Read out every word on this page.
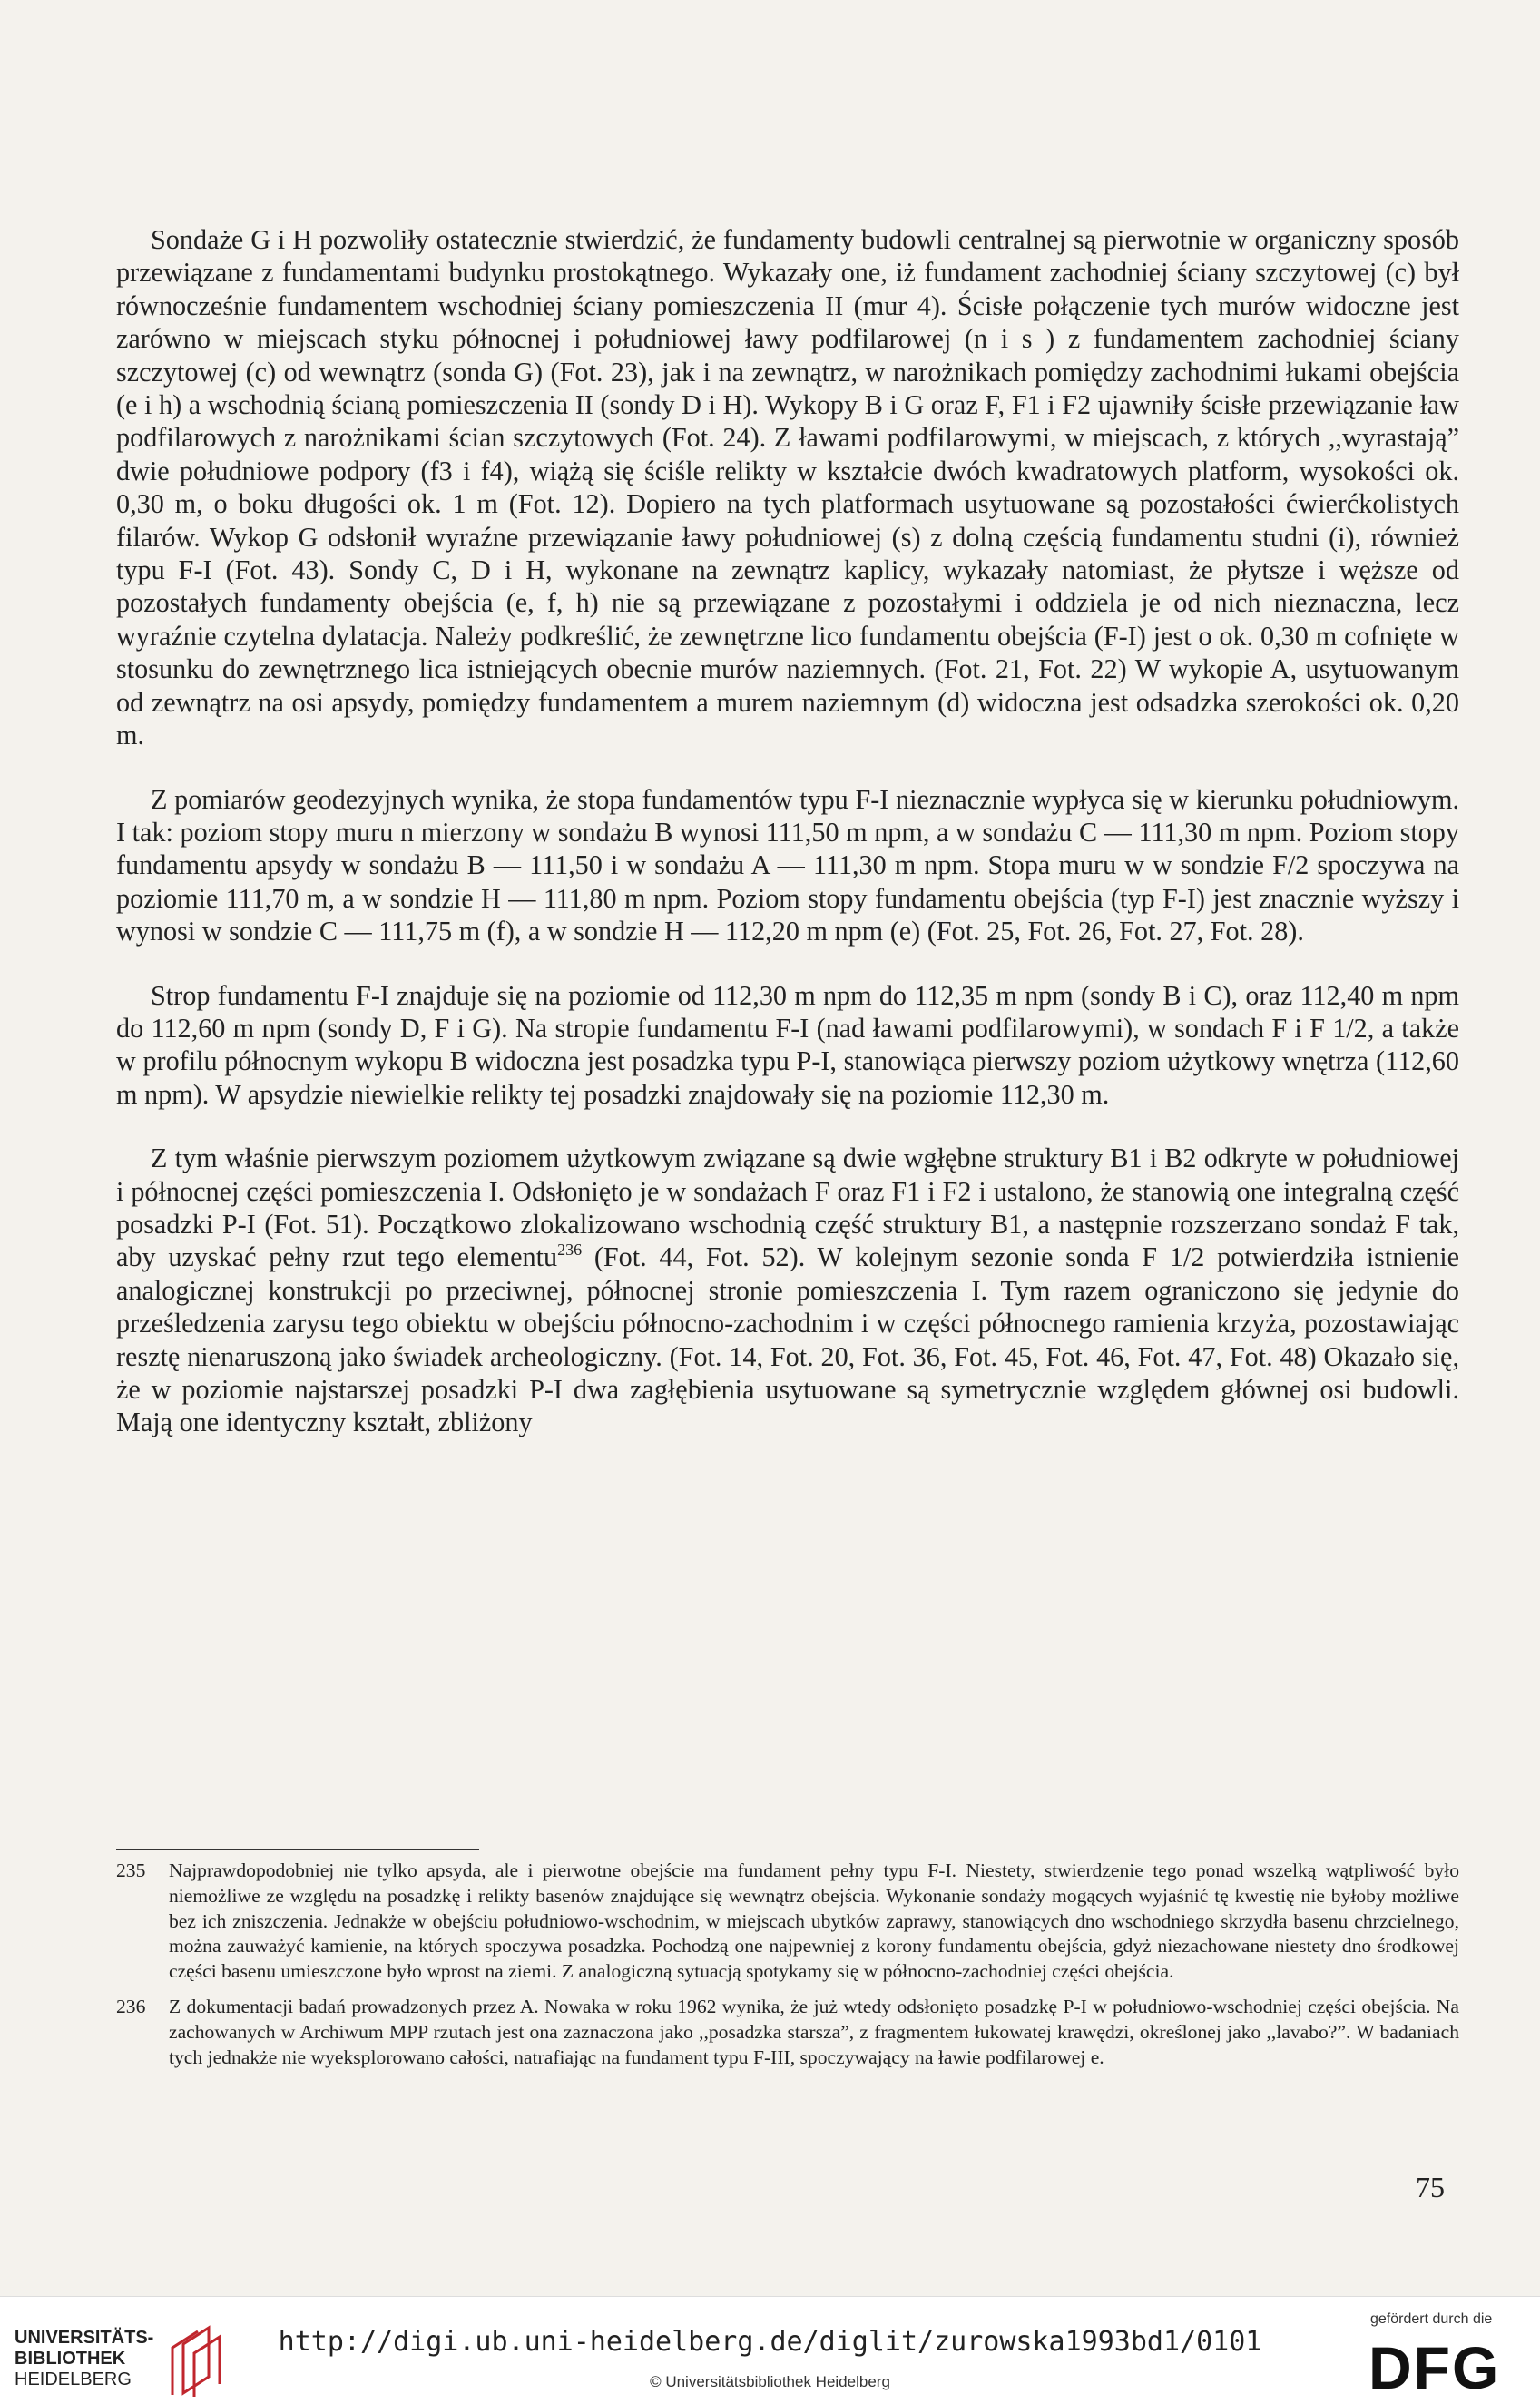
Sondaże G i H pozwoliły ostatecznie stwierdzić, że fundamenty budowli centralnej są pierwotnie w organiczny sposób przewiązane z fundamentami budynku prostokątnego. Wykazały one, iż fundament zachodniej ściany szczytowej (c) był równocześnie fundamentem wschodniej ściany pomieszczenia II (mur 4). Ścisłe połączenie tych murów widoczne jest zarówno w miejscach styku północnej i południowej ławy podfilarowej (n i s ) z fundamentem zachodniej ściany szczytowej (c) od wewnątrz (sonda G) (Fot. 23), jak i na zewnątrz, w narożnikach pomiędzy zachodnimi łukami obejścia (e i h) a wschodnią ścianą pomieszczenia II (sondy D i H). Wykopy B i G oraz F, F1 i F2 ujawniły ścisłe przewiązanie ław podfilarowych z narożnikami ścian szczytowych (Fot. 24). Z ławami podfilarowymi, w miejscach, z których ,,wyrastają” dwie południowe podpory (f3 i f4), wiążą się ściśle relikty w kształcie dwóch kwadratowych platform, wysokości ok. 0,30 m, o boku długości ok. 1 m (Fot. 12). Dopiero na tych platformach usytuowane są pozostałości ćwierćkolistych filarów. Wykop G odsłonił wyraźne przewiązanie ławy południowej (s) z dolną częścią fundamentu studni (i), również typu F-I (Fot. 43). Sondy C, D i H, wykonane na zewnątrz kaplicy, wykazały natomiast, że płytsze i węższe od pozostałych fundamenty obejścia (e, f, h) nie są przewiązane z pozostałymi i oddziela je od nich nieznaczna, lecz wyraźnie czytelna dylatacja. Należy podkreślić, że zewnętrzne lico fundamentu obejścia (F-I) jest o ok. 0,30 m cofnięte w stosunku do zewnętrznego lica istniejących obecnie murów naziemnych. (Fot. 21, Fot. 22) W wykopie A, usytuowanym od zewnątrz na osi apsydy, pomiędzy fundamentem a murem naziemnym (d) widoczna jest odsadzka szerokości ok. 0,20 m.

Z pomiarów geodezyjnych wynika, że stopa fundamentów typu F-I nieznacznie wypłyca się w kierunku południowym. I tak: poziom stopy muru n mierzony w sondażu B wynosi 111,50 m npm, a w sondażu C — 111,30 m npm. Poziom stopy fundamentu apsydy w sondażu B — 111,50 i w sondażu A — 111,30 m npm. Stopa muru w w sondzie F/2 spoczywa na poziomie 111,70 m, a w sondzie H — 111,80 m npm. Poziom stopy fundamentu obejścia (typ F-I) jest znacznie wyższy i wynosi w sondzie C — 111,75 m (f), a w sondzie H — 112,20 m npm (e) (Fot. 25, Fot. 26, Fot. 27, Fot. 28).

Strop fundamentu F-I znajduje się na poziomie od 112,30 m npm do 112,35 m npm (sondy B i C), oraz 112,40 m npm do 112,60 m npm (sondy D, F i G). Na stropie fundamentu F-I (nad ławami podfilarowymi), w sondach F i F 1/2, a także w profilu północnym wykopu B widoczna jest posadzka typu P-I, stanowiąca pierwszy poziom użytkowy wnętrza (112,60 m npm). W apsydzie niewielkie relikty tej posadzki znajdowały się na poziomie 112,30 m.

Z tym właśnie pierwszym poziomem użytkowym związane są dwie wgłębne struktury B1 i B2 odkryte w południowej i północnej części pomieszczenia I. Odsłonięto je w sondażach F oraz F1 i F2 i ustalono, że stanowią one integralną część posadzki P-I (Fot. 51). Początkowo zlokalizowano wschodnią część struktury B1, a następnie rozszerzano sondaż F tak, aby uzyskać pełny rzut tego elementu$^{236}$ (Fot. 44, Fot. 52). W kolejnym sezonie sonda F 1/2 potwierdziła istnienie analogicznej konstrukcji po przeciwnej, północnej stronie pomieszczenia I. Tym razem ograniczono się jedynie do prześledzenia zarysu tego obiektu w obejściu północno-zachodnim i w części północnego ramienia krzyża, pozostawiając resztę nienaruszoną jako świadek archeologiczny. (Fot. 14, Fot. 20, Fot. 36, Fot. 45, Fot. 46, Fot. 47, Fot. 48) Okazało się, że w poziomie najstarszej posadzki P-I dwa zagłębienia usytuowane są symetrycznie względem głównej osi budowli. Mają one identyczny kształt, zbliżony

235	Najprawdopodobniej nie tylko apsyda, ale i pierwotne obejście ma fundament pełny typu F-I. Niestety, stwierdzenie tego ponad wszelką wątpliwość było niemożliwe ze względu na posadzkę i relikty basenów znajdujące się wewnątrz obejścia. Wykonanie sondaży mogących wyjaśnić tę kwestię nie byłoby możliwe bez ich zniszczenia. Jednakże w obejściu południowo-wschodnim, w miejscach ubytków zaprawy, stanowiących dno wschodniego skrzydła basenu chrzcielnego, można zauważyć kamienie, na których spoczywa posadzka. Pochodzą one najpewniej z korony fundamentu obejścia, gdyż niezachowane niestety dno środkowej części basenu umieszczone było wprost na ziemi. Z analogiczną sytuacją spotykamy się w północno-zachodniej części obejścia.
236	Z dokumentacji badań prowadzonych przez A. Nowaka w roku 1962 wynika, że już wtedy odsłonięto posadzkę P-I w południowo-wschodniej części obejścia. Na zachowanych w Archiwum MPP rzutach jest ona zaznaczona jako ,,posadzka starsza”, z fragmentem łukowatej krawędzi, określonej jako ,,lavabo?”. W badaniach tych jednakże nie wyeksplorowano całości, natrafiając na fundament typu F-III, spoczywający na ławie podfilarowej e.
75
UNIVERSITÄTS-
BIBLIOTHEK
HEIDELBERG
http://digi.ub.uni-heidelberg.de/diglit/zurowska1993bd1/0101
© Universitätsbibliothek Heidelberg
gefördert durch die
DFG
